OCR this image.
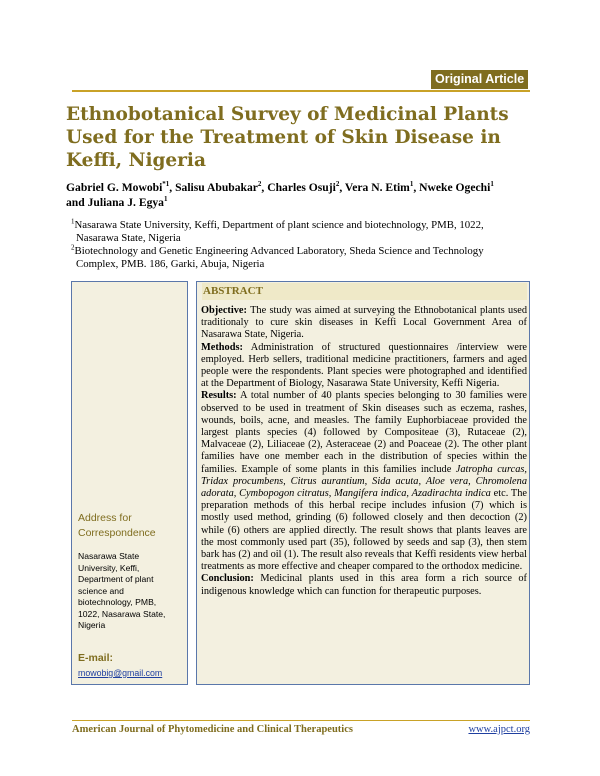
Original Article
Ethnobotanical Survey of Medicinal Plants Used for the Treatment of Skin Disease in Keffi, Nigeria

Gabriel G. Mowobi$^{*1}$, Salisu Abubakar$^2$, Charles Osuji$^2$, Vera N. Etim$^1$, Nweke Ogechi$^1$
and Juliana J. Egya$^1$

$^1$Nasarawa State University, Keffi, Department of plant science and biotechnology, PMB, 1022,
Nasarawa State, Nigeria

$^2$Biotechnology and Genetic Engineering Advanced Laboratory, Sheda Science and Technology
Complex, PMB. 186, Garki, Abuja, Nigeria

Address for
Correspondence

Nasarawa State
University, Keffi,
Department of plant
science and
biotechnology, PMB,
1022, Nasarawa State,
Nigeria

E-mail:

mowobig@gmail.com
ABSTRACT

Objective: The study was aimed at surveying the Ethnobotanical plants used traditionaly to cure skin diseases in Keffi Local Government Area of Nasarawa State, Nigeria.

Methods: Administration of structured questionnaires /interview were employed. Herb sellers, traditional medicine practitioners, farmers and aged people were the respondents. Plant species were photographed and identified at the Department of Biology, Nasarawa State University, Keffi Nigeria.

Results: A total number of 40 plants species belonging to 30 families were observed to be used in treatment of Skin diseases such as eczema, rashes, wounds, boils, acne, and measles. The family Euphorbiaceae provided the largest plants species (4) followed by Compositeae (3), Rutaceae (2), Malvaceae (2), Liliaceae (2), Asteraceae (2) and Poaceae (2). The other plant families have one member each in the distribution of species within the families. Example of some plants in this families include Jatropha curcas, Tridax procumbens, Citrus aurantium, Sida acuta, Aloe vera, Chromolena adorata, Cymbopogon citratus, Mangifera indica, Azadirachta indica etc. The preparation methods of this herbal recipe includes infusion (7) which is mostly used method, grinding (6) followed closely and then decoction (2) while (6) others are applied directly. The result shows that plants leaves are the most commonly used part (35), followed by seeds and sap (3), then stem bark has (2) and oil (1). The result also reveals that Keffi residents view herbal treatments as more effective and cheaper compared to the orthodox medicine.

Conclusion: Medicinal plants used in this area form a rich source of indigenous knowledge which can function for therapeutic purposes.

American Journal of Phytomedicine and Clinical Therapeutics	www.ajpct.org
